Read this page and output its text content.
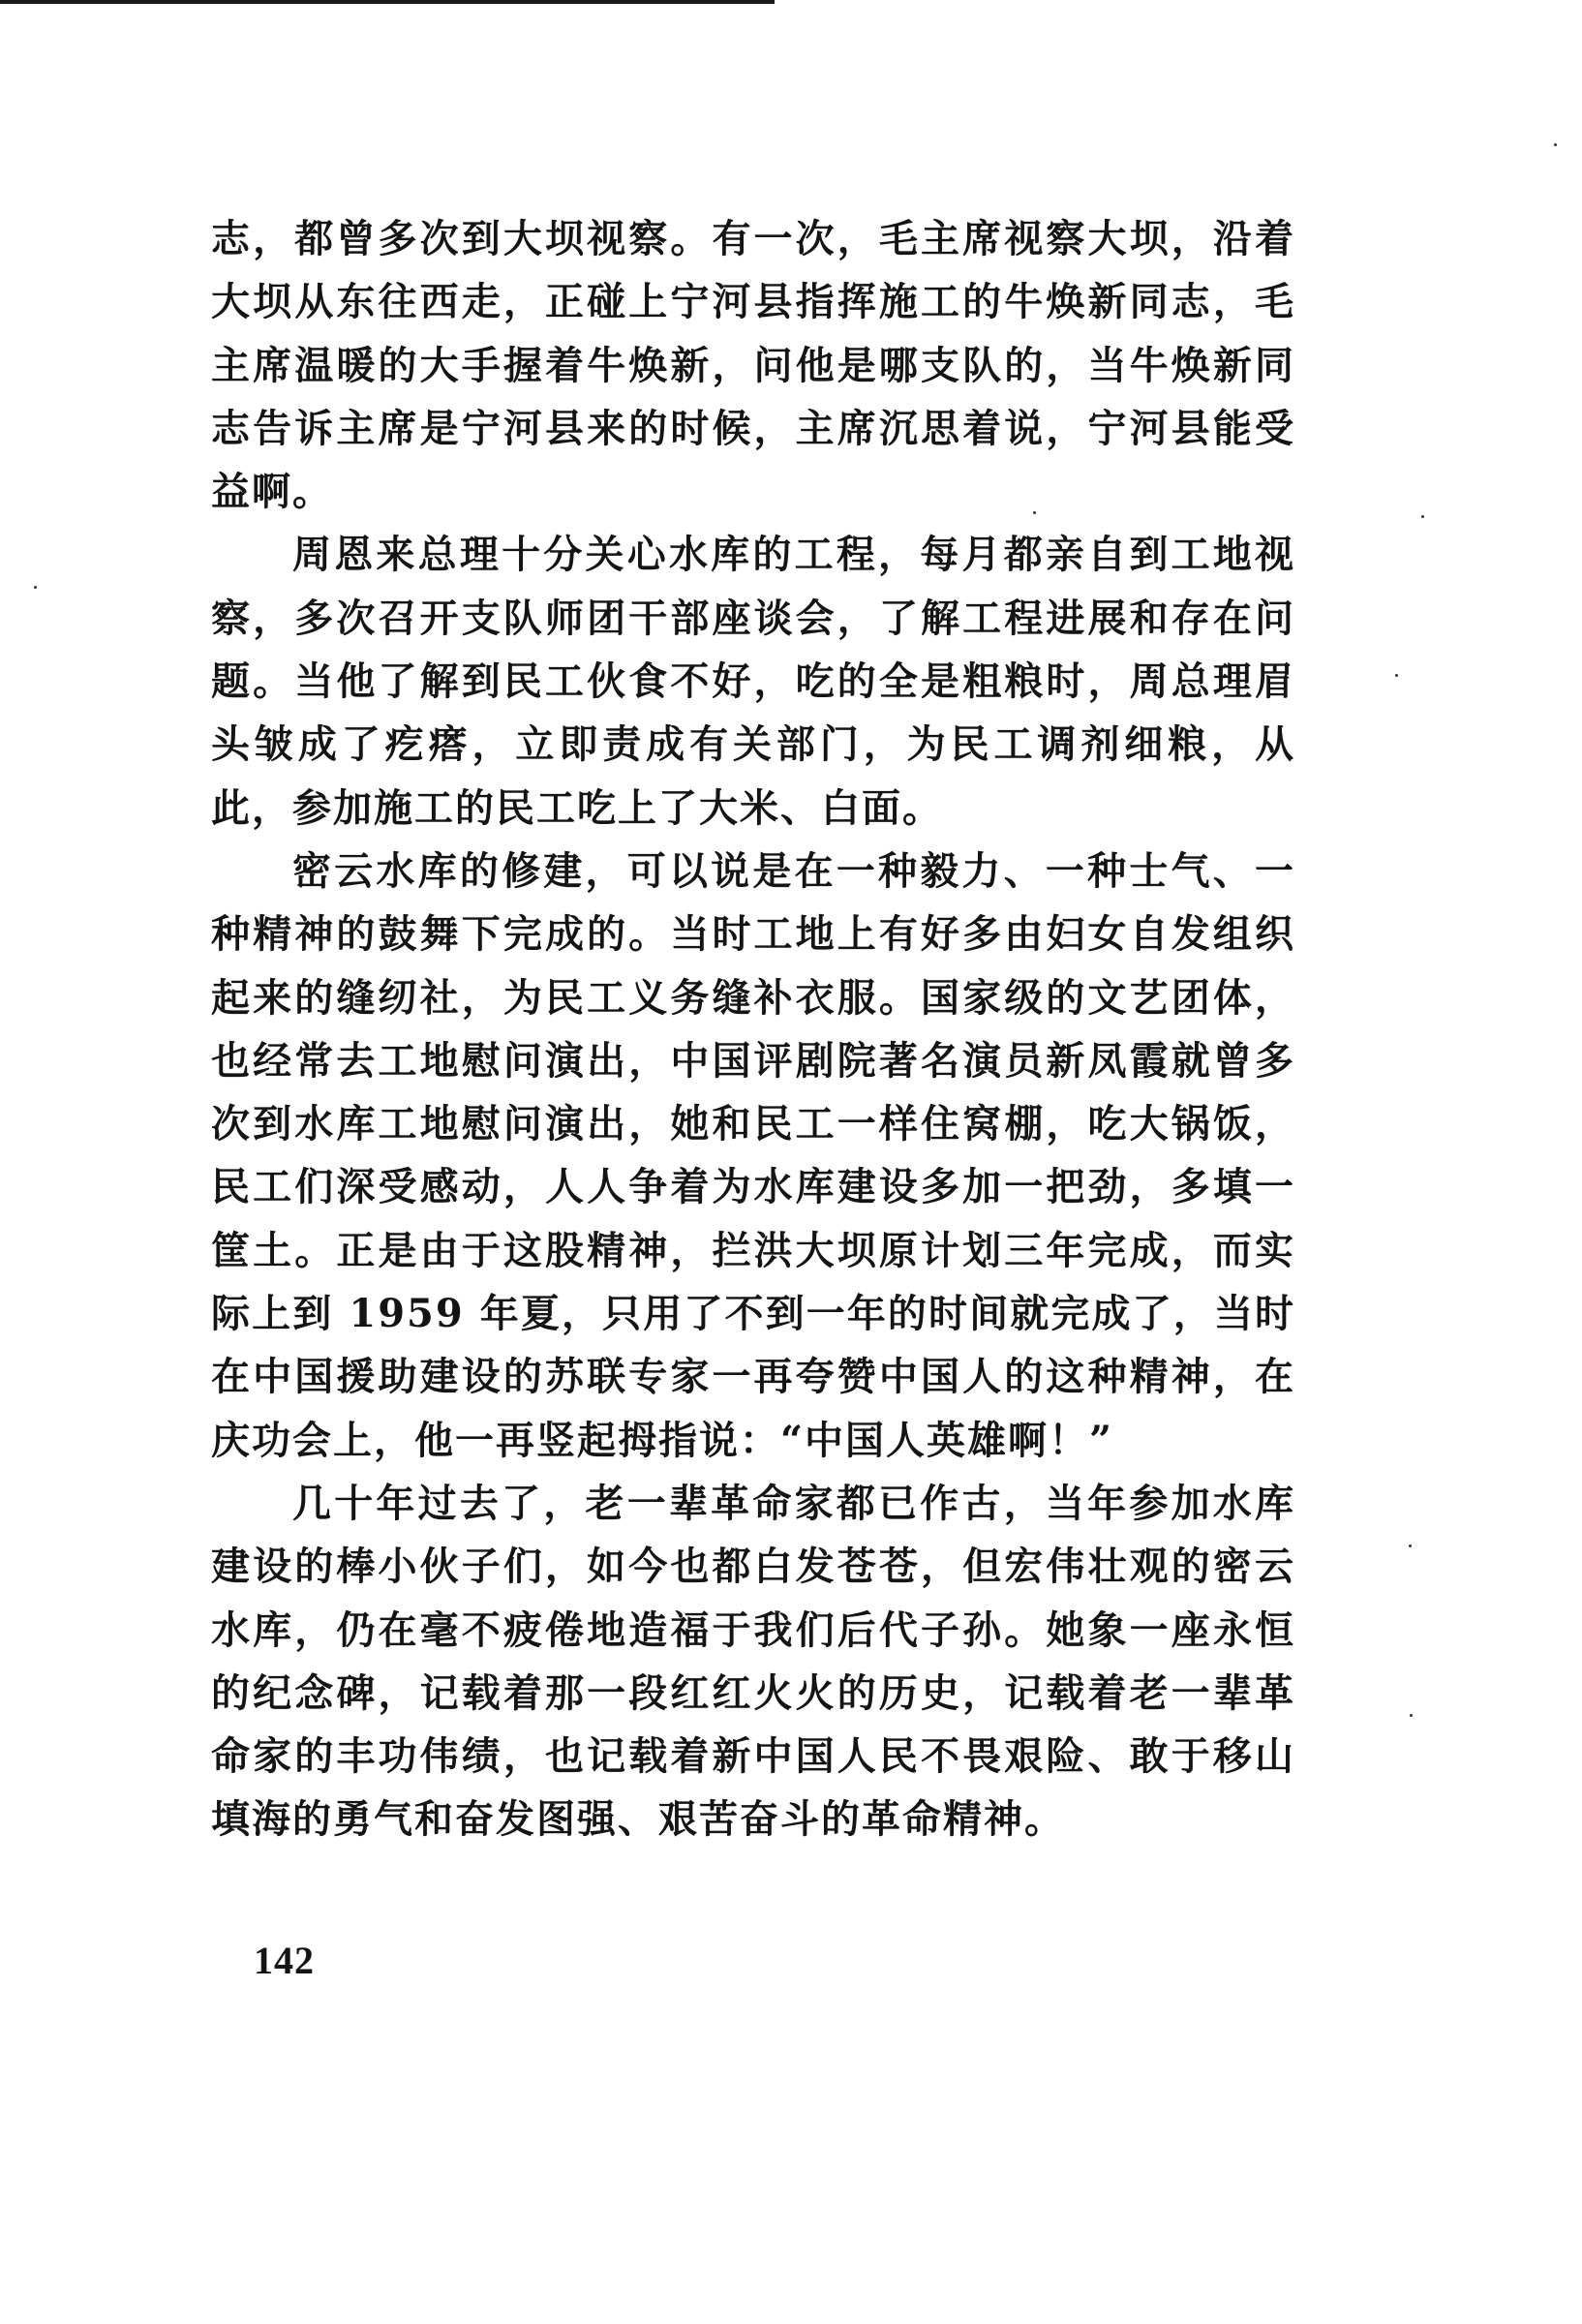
志，都曾多次到大坝视察。有一次，毛主席视察大坝，沿着大坝从东往西走，正碰上宁河县指挥施工的牛焕新同志，毛主席温暖的大手握着牛焕新，问他是哪支队的，当牛焕新同志告诉主席是宁河县来的时候，主席沉思着说，宁河县能受益啊。

周恩来总理十分关心水库的工程，每月都亲自到工地视察，多次召开支队师团干部座谈会，了解工程进展和存在问题。当他了解到民工伙食不好，吃的全是粗粮时，周总理眉头皱成了疙瘩，立即责成有关部门，为民工调剂细粮，从此，参加施工的民工吃上了大米、白面。

密云水库的修建，可以说是在一种毅力、一种士气、一种精神的鼓舞下完成的。当时工地上有好多由妇女自发组织起来的缝纫社，为民工义务缝补衣服。国家级的文艺团体，也经常去工地慰问演出，中国评剧院著名演员新凤霞就曾多次到水库工地慰问演出，她和民工一样住窝棚，吃大锅饭，民工们深受感动，人人争着为水库建设多加一把劲，多填一筐土。正是由于这股精神，拦洪大坝原计划三年完成，而实际上到 1959 年夏，只用了不到一年的时间就完成了，当时在中国援助建设的苏联专家一再夸赞中国人的这种精神，在庆功会上，他一再竖起拇指说：“中国人英雄啊！”

几十年过去了，老一辈革命家都已作古，当年参加水库建设的棒小伙子们，如今也都白发苍苍，但宏伟壮观的密云水库，仍在毫不疲倦地造福于我们后代子孙。她象一座永恒的纪念碑，记载着那一段红红火火的历史，记载着老一辈革命家的丰功伟绩，也记载着新中国人民不畏艰险、敢于移山填海的勇气和奋发图强、艰苦奋斗的革命精神。

142
